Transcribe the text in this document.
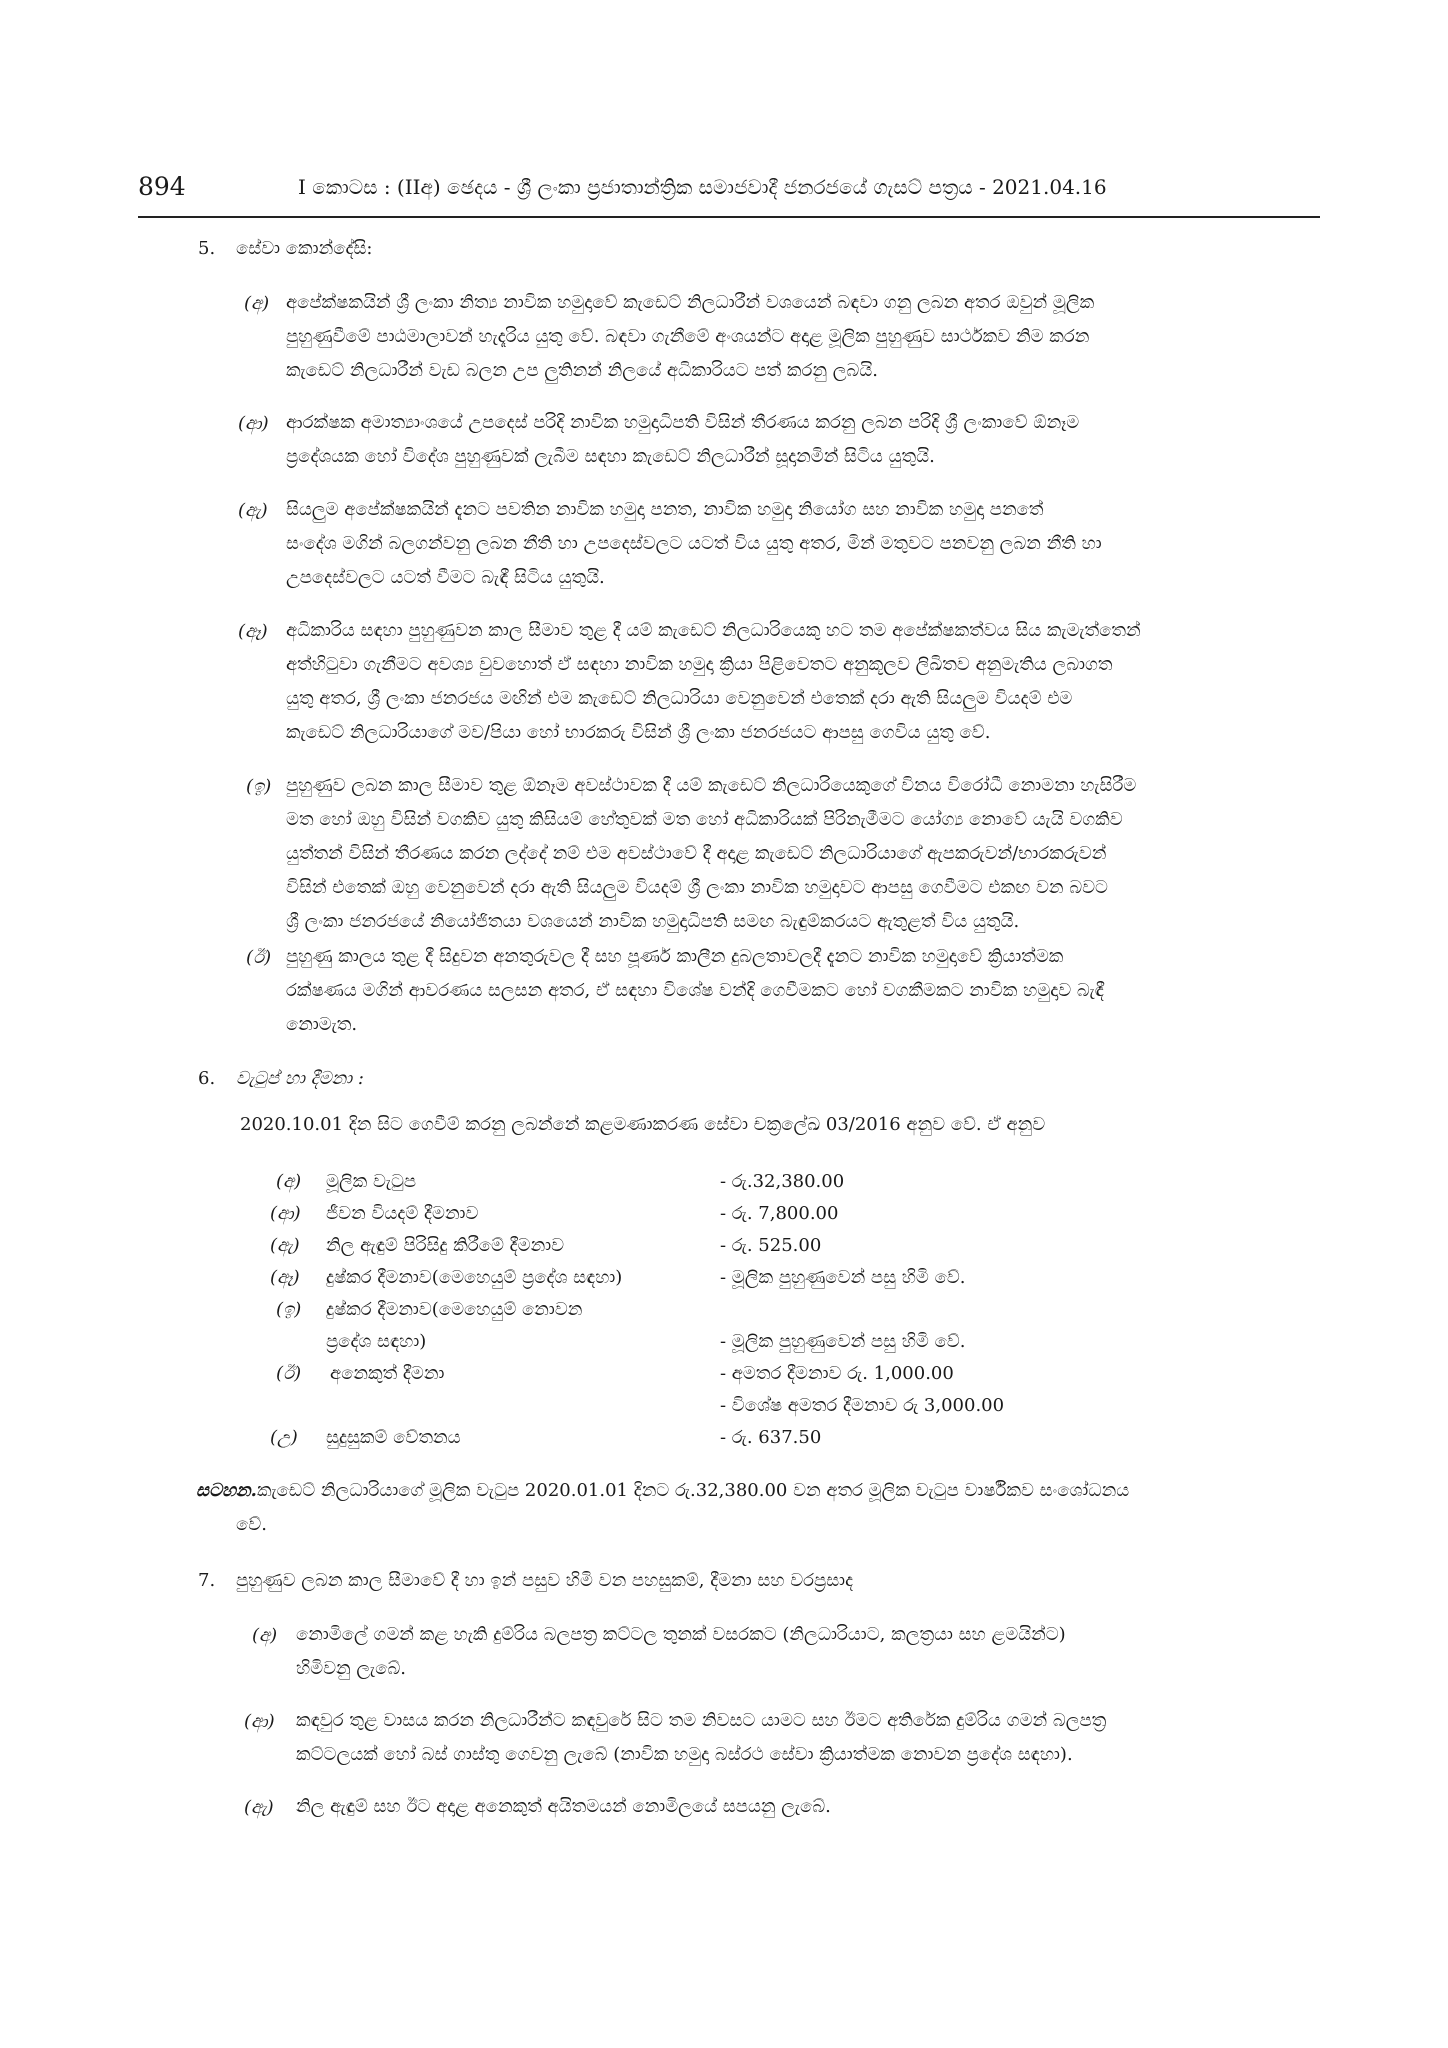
894	I කොටස : (IIඅ) ඡෙදය - ශ්‍රී ලංකා ප්‍රජාතාන්ත්‍රික සමාජවාදී ජනරජයේ ගැසට් පත්‍රය - 2021.04.16
5. සේවා කොන්දේසි:
(අ) අපේක්ෂකයින් ශ්‍රී ලංකා නිත්‍ය නාවික හමුදාවේ කැඩෙට් නිලධාරීන් වශයෙන් බඳවා ගනු ලබන අතර ඔවුන් මූලික
පුහුණුවීමේ පාඨමාලාවන් හැදෑරිය යුතු වේ. බඳවා ගැනීමේ අංශයන්ට අදාළ මූලික පුහුණුව සාර්ථකව නිම කරන
කැඩෙට් නිලධාරීන් වැඩ බලන උප ලුතිනන් නිලයේ අධිකාරියට පත් කරනු ලබයි.
(ආ) ආරක්ෂක අමාත්‍යාංශයේ උපදෙස් පරිදි නාවික හමුදාධිපති විසින් තීරණය කරනු ලබන පරිදි ශ්‍රී ලංකාවේ ඕනෑම
ප්‍රදේශයක හෝ විදේශ පුහුණුවක් ලැබීම සඳහා කැඩෙට් නිලධාරීන් සූදානමින් සිටිය යුතුයි.
(ඇ) සියලුම අපේක්ෂකයින් දැනට පවතින නාවික හමුදා පනත, නාවික හමුදා නියෝග සහ නාවික හමුදා පනතේ
සංදේශ මගින් බලගන්වනු ලබන නීති හා උපදෙස්වලට යටත් විය යුතු අතර, මින් මතුවට පනවනු ලබන නීති හා
උපදෙස්වලට යටත් වීමට බැඳී සිටිය යුතුයි.
(ඈ) අධිකාරිය සඳහා පුහුණුවන කාල සීමාව තුළ දී යම් කැඩෙට් නිලධාරියෙකු හට තම අපේක්ෂකත්වය සිය කැමැත්තෙන්
අත්හිටුවා ගැනීමට අවශ්‍ය වුවහොත් ඒ සඳහා නාවික හමුදා ක්‍රියා පිළිවෙතට අනුකූලව ලිඛිතව අනුමැතිය ලබාගත
යුතු අතර, ශ්‍රී ලංකා ජනරජය මඟින් එම කැඩෙට් නිලධාරියා වෙනුවෙන් එතෙක් දරා ඇති සියලුම වියදම් එම
කැඩෙට් නිලධාරියාගේ මව/පියා හෝ භාරකරු විසින් ශ්‍රී ලංකා ජනරජයට ආපසු ගෙවිය යුතු වේ.
(ඉ) පුහුණුව ලබන කාල සීමාව තුළ ඕනෑම අවස්ථාවක දී යම් කැඩෙට් නිලධාරියෙකුගේ විනය විරෝධී නොමනා හැසිරීම
මත හෝ ඔහු විසින් වගකිව යුතු කිසියම් හේතුවක් මත හෝ අධිකාරියක් පිරිනැමීමට යෝග්‍ය නොවේ යැයි වගකිව
යුත්තන් විසින් තීරණය කරන ලද්දේ නම් එම අවස්ථාවේ දී අදාළ කැඩෙට් නිලධාරියාගේ ඇපකරුවන්/භාරකරුවන්
විසින් එතෙක් ඔහු වෙනුවෙන් දරා ඇති සියලුම වියදම් ශ්‍රී ලංකා නාවික හමුදාවට ආපසු ගෙවීමට එකඟ වන බවට
ශ්‍රී ලංකා ජනරජයේ නියෝජිතයා වශයෙන් නාවික හමුදාධිපති සමඟ බැඳුම්කරයට ඇතුළත් විය යුතුයි.
(ඊ) පුහුණු කාලය තුළ දී සිදුවන අනතුරුවල දී සහ පූර්ණ කාලීන දුබලතාවලදී දැනට නාවික හමුදාවේ ක්‍රියාත්මක
රක්ෂණය මගින් ආවරණය සලසන අතර, ඒ සඳහා විශේෂ වන්දි ගෙවීමකට හෝ වගකීමකට නාවික හමුදාව බැඳී
නොමැත.
6. වැටුප් හා දීමනා :
2020.10.01 දින සිට ගෙවීම් කරනු ලබන්නේ කළමණාකරණ සේවා චක්‍රලේඛ 03/2016 අනුව වේ. ඒ අනුව
(අ) මූලික වැටුප	- රු.32,380.00
(ආ) ජීවන වියදම් දීමනාව	- රු. 7,800.00
(ඇ) නිල ඇඳුම් පිරිසිදු කිරීමේ දීමනාව	- රු. 525.00
(ඈ) දුෂ්කර දීමනාව(මෙහෙයුම් ප්‍රදේශ සඳහා)	- මූලික පුහුණුවෙන් පසු හිමි වේ.
(ඉ) දුෂ්කර දීමනාව(මෙහෙයුම් නොවන
ප්‍රදේශ සඳහා)	- මූලික පුහුණුවෙන් පසු හිමි වේ.
(ඊ) අනෙකුත් දීමනා	- අමතර දීමනාව රු. 1,000.00
- විශේෂ අමතර දීමනාව රු 3,000.00
(උ) සුදුසුකම් වේතනය	- රු. 637.50
සටහන. කැඩෙට් නිලධාරියාගේ මූලික වැටුප 2020.01.01 දිනට රු.32,380.00 වන අතර මූලික වැටුප වාර්ෂිකව සංශෝධනය
වේ.
7. පුහුණුව ලබන කාල සීමාවේ දී හා ඉන් පසුව හිමි වන පහසුකම්, දීමනා සහ වරප්‍රසාද
(අ) නොමිලේ ගමන් කළ හැකි දුම්රිය බලපත්‍ර කට්ටල තුනක් වසරකට (නිලධාරියාට, කලත්‍රයා සහ ළමයින්ට)
හිමිවනු ලැබේ.
(ආ) කඳවුර තුළ වාසය කරන නිලධාරීන්ට කඳවුරේ සිට තම නිවසට යාමට සහ ඊමට අතිරේක දුම්රිය ගමන් බලපත්‍ර
කට්ටලයක් හෝ බස් ගාස්තු ගෙවනු ලැබේ (නාවික හමුදා බස්රථ සේවා ක්‍රියාත්මක නොවන ප්‍රදේශ සඳහා).
(ඇ) නිල ඇඳුම් සහ ඊට අදාළ අනෙකුත් අයිතමයන් නොමිලයේ සපයනු ලැබේ.
